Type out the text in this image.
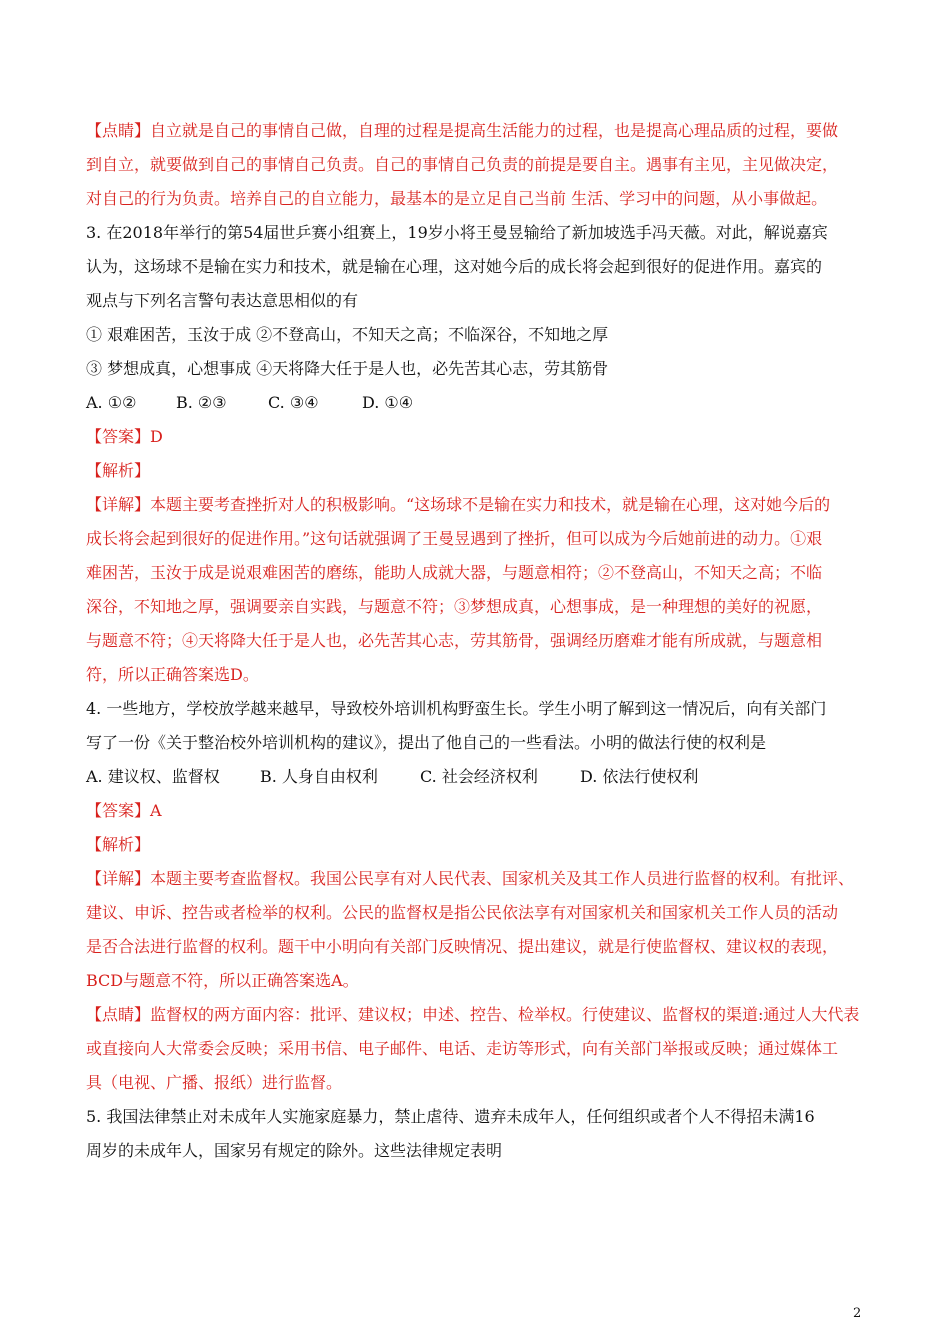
【点睛】自立就是自己的事情自己做，自理的过程是提高生活能力的过程，也是提高心理品质的过程，要做
到自立，就要做到自己的事情自己负责。自己的事情自己负责的前提是要自主。遇事有主见，主见做决定，
对自己的行为负责。培养自己的自立能力，最基本的是立足自己当前 生活、学习中的问题，从小事做起。
3. 在2018年举行的第54届世乒赛小组赛上，19岁小将王曼昱输给了新加坡选手冯天薇。对此，解说嘉宾
认为，这场球不是输在实力和技术，就是输在心理，这对她今后的成长将会起到很好的促进作用。嘉宾的
观点与下列名言警句表达意思相似的有
① 艰难困苦，玉汝于成 ②不登高山，不知天之高；不临深谷，不知地之厚
③ 梦想成真，心想事成 ④天将降大任于是人也，必先苦其心志，劳其筋骨
A. ①② B. ②③	C. ③④	D. ①④
【答案】D
【解析】
【详解】本题主要考查挫折对人的积极影响。“这场球不是输在实力和技术，就是输在心理，这对她今后的
成长将会起到很好的促进作用。”这句话就强调了王曼昱遇到了挫折，但可以成为今后她前进的动力。①艰
难困苦，玉汝于成是说艰难困苦的磨练，能助人成就大器，与题意相符；②不登高山，不知天之高；不临
深谷，不知地之厚，强调要亲自实践，与题意不符；③梦想成真，心想事成，是一种理想的美好的祝愿，
与题意不符；④天将降大任于是人也，必先苦其心志，劳其筋骨，强调经历磨难才能有所成就，与题意相
符，所以正确答案选D。
4. 一些地方，学校放学越来越早，导致校外培训机构野蛮生长。学生小明了解到这一情况后，向有关部门
写了一份《关于整治校外培训机构的建议》，提出了他自己的一些看法。小明的做法行使的权利是
A. 建议权、监督权	B. 人身自由权利	C. 社会经济权利	D. 依法行使权利
【答案】A
【解析】
【详解】本题主要考查监督权。我国公民享有对人民代表、国家机关及其工作人员进行监督的权利。有批评、
建议、申诉、控告或者检举的权利。公民的监督权是指公民依法享有对国家机关和国家机关工作人员的活动
是否合法进行监督的权利。题干中小明向有关部门反映情况、提出建议，就是行使监督权、建议权的表现，
BCD与题意不符，所以正确答案选A。
【点睛】监督权的两方面内容：批评、建议权；申述、控告、检举权。行使建议、监督权的渠道:通过人大代表
或直接向人大常委会反映；采用书信、电子邮件、电话、走访等形式，向有关部门举报或反映；通过媒体工
具（电视、广播、报纸）进行监督。
5. 我国法律禁止对未成年人实施家庭暴力，禁止虐待、遗弃未成年人，任何组织或者个人不得招未满16
周岁的未成年人，国家另有规定的除外。这些法律规定表明
2
